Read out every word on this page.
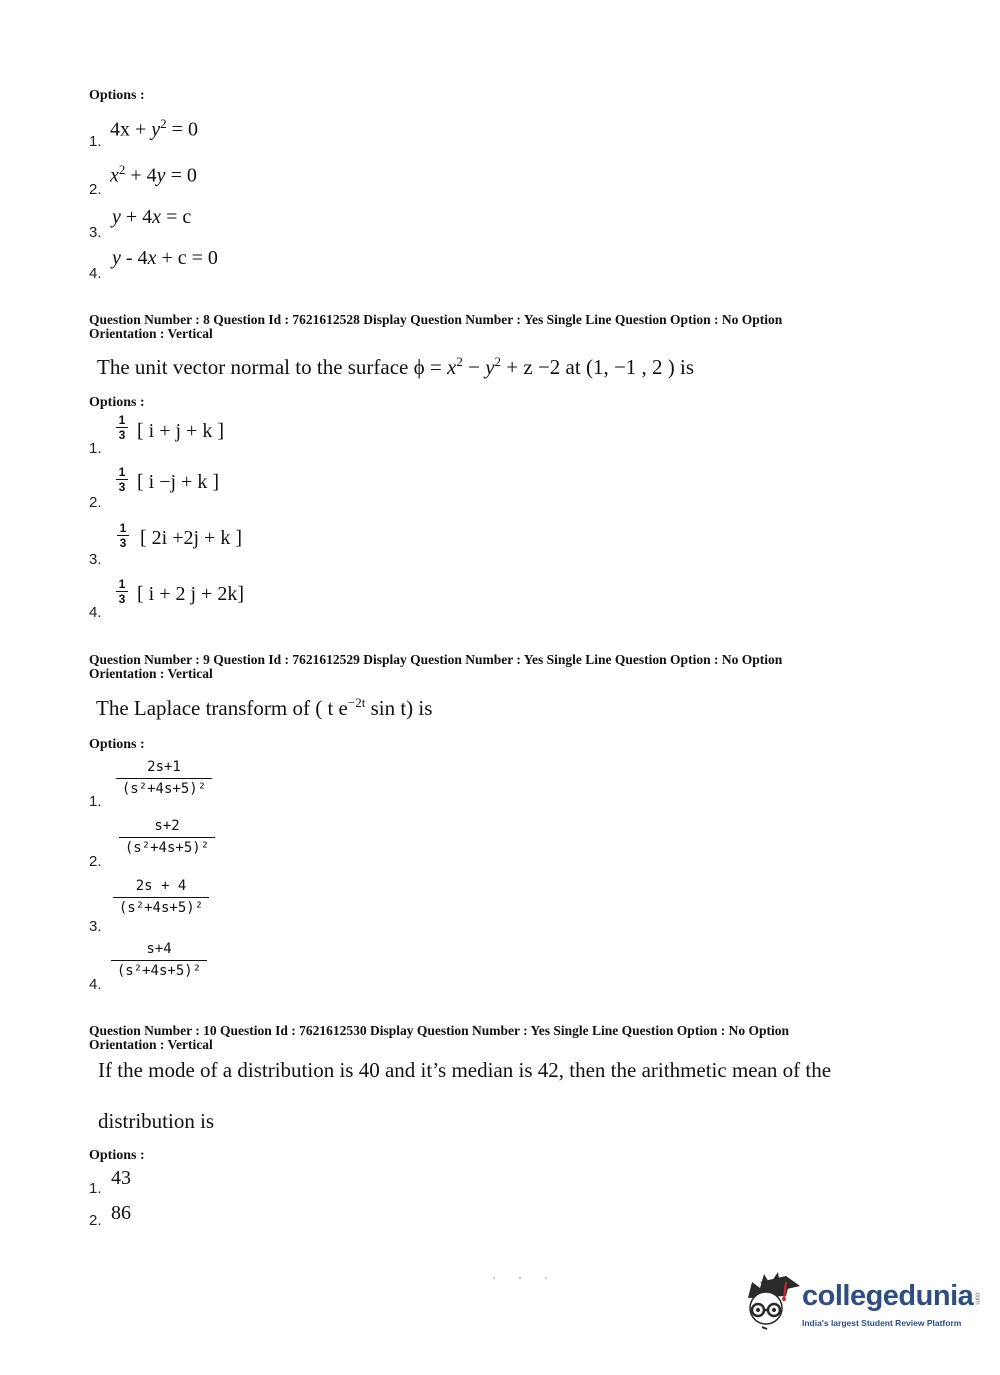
Options :
1.
$4x + y^2 = 0$
2.
$x^2 + 4y = 0$
3.
y + 4x = c
4.
y - 4x + c = 0
Question Number : 8 Question Id : 7621612528 Display Question Number : Yes Single Line Question Option : No Option
Orientation : Vertical
The unit vector normal to the surface $\phi = x^2 - y^2 + z -2$ at (1, −1 , 2 ) is
Options :
1.
1
3 [ i + j + k ]
2.
1
3 [ i −j + k ]
3.
1
3 [ 2i +2j + k ]
4.
1
3 [ i + 2 j + 2k]
Question Number : 9 Question Id : 7621612529 Display Question Number : Yes Single Line Question Option : No Option
Orientation : Vertical
The Laplace transform of ( t $e^{-2t}$ sin t) is
Options :
1.
2s+1
(s²+4s+5)²
2.
s+2
(s²+4s+5)²
3.
2s + 4
(s²+4s+5)²
4.
s+4
(s²+4s+5)²
Question Number : 10 Question Id : 7621612530 Display Question Number : Yes Single Line Question Option : No Option
Orientation : Vertical
If the mode of a distribution is 40 and it’s median is 42, then the arithmetic mean of the
distribution is
Options :
1. 43
2. 86
collegedunia.com
India's largest Student Review Platform
